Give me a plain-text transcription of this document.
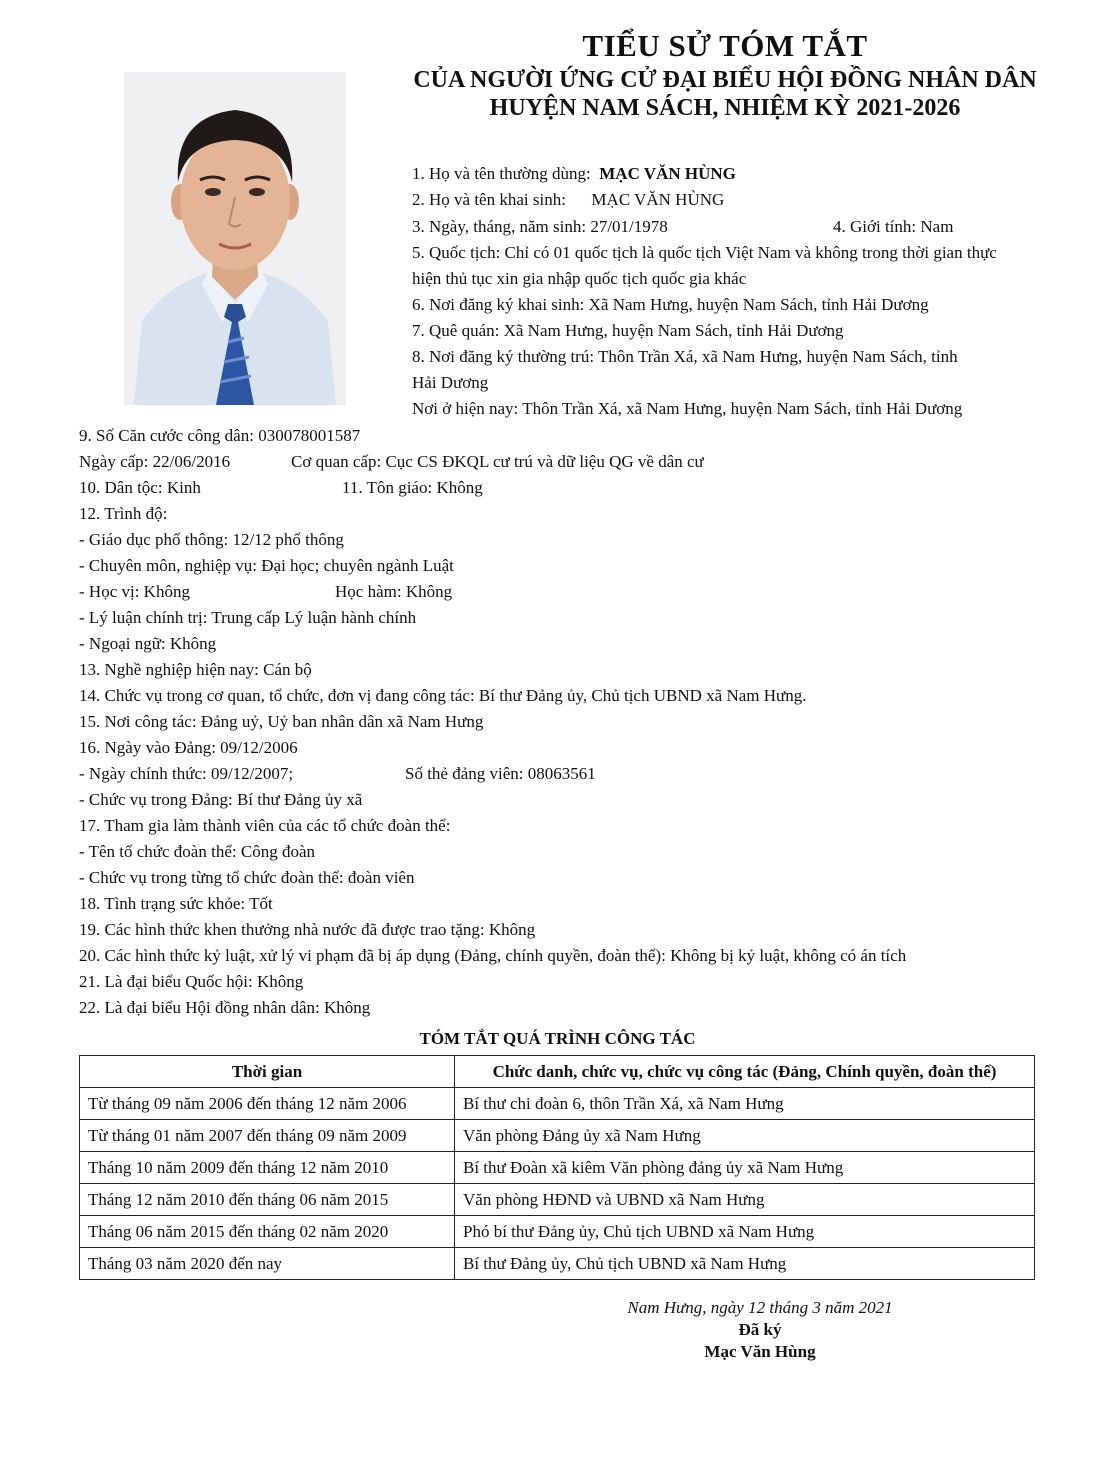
TIỂU SỬ TÓM TẮT
CỦA NGƯỜI ỨNG CỬ ĐẠI BIỂU HỘI ĐỒNG NHÂN DÂN
HUYỆN NAM SÁCH, NHIỆM KỲ 2021-2026
1. Họ và tên thường dùng: MẠC VĂN HÙNG
2. Họ và tên khai sinh:      MẠC VĂN HÙNG
3. Ngày, tháng, năm sinh: 27/01/1978	4. Giới tính: Nam
5. Quốc tịch: Chỉ có 01 quốc tịch là quốc tịch Việt Nam và không trong thời gian thực
hiện thủ tục xin gia nhập quốc tịch quốc gia khác
6. Nơi đăng ký khai sinh: Xã Nam Hưng, huyện Nam Sách, tỉnh Hải Dương
7. Quê quán: Xã Nam Hưng, huyện Nam Sách, tỉnh Hải Dương
8. Nơi đăng ký thường trú: Thôn Trần Xá, xã Nam Hưng, huyện Nam Sách, tỉnh
Hải Dương
Nơi ở hiện nay: Thôn Trần Xá, xã Nam Hưng, huyện Nam Sách, tỉnh Hải Dương
9. Số Căn cước công dân: 030078001587
Ngày cấp: 22/06/2016	Cơ quan cấp: Cục CS ĐKQL cư trú và dữ liệu QG về dân cư
10. Dân tộc: Kinh	11. Tôn giáo: Không
12. Trình độ:
- Giáo dục phổ thông: 12/12 phổ thông
- Chuyên môn, nghiệp vụ: Đại học; chuyên ngành Luật
- Học vị: Không	Học hàm: Không
- Lý luận chính trị: Trung cấp Lý luận hành chính
- Ngoại ngữ: Không
13. Nghề nghiệp hiện nay: Cán bộ
14. Chức vụ trong cơ quan, tổ chức, đơn vị đang công tác: Bí thư Đảng ủy, Chủ tịch UBND xã Nam Hưng.
15. Nơi công tác: Đảng uỷ, Uỷ ban nhân dân xã Nam Hưng
16. Ngày vào Đảng: 09/12/2006
- Ngày chính thức: 09/12/2007;	Số thẻ đảng viên: 08063561
- Chức vụ trong Đảng: Bí thư Đảng ủy xã
17. Tham gia làm thành viên của các tổ chức đoàn thể:
- Tên tổ chức đoàn thể: Công đoàn
- Chức vụ trong từng tổ chức đoàn thể: đoàn viên
18. Tình trạng sức khỏe: Tốt
19. Các hình thức khen thưởng nhà nước đã được trao tặng: Không
20. Các hình thức kỷ luật, xử lý vi phạm đã bị áp dụng (Đảng, chính quyền, đoàn thể): Không bị kỷ luật, không có án tích
21. Là đại biểu Quốc hội: Không
22. Là đại biểu Hội đồng nhân dân: Không
TÓM TẮT QUÁ TRÌNH CÔNG TÁC
Thời gian	Chức danh, chức vụ, chức vụ công tác (Đảng, Chính quyền, đoàn thể)
Từ tháng 09 năm 2006 đến tháng 12 năm 2006	Bí thư chi đoàn 6, thôn Trần Xá, xã Nam Hưng
Từ tháng 01 năm 2007 đến tháng 09 năm 2009	Văn phòng Đảng ủy xã Nam Hưng
Tháng 10 năm 2009 đến tháng 12 năm 2010	Bí thư Đoàn xã kiêm Văn phòng đảng ủy xã Nam Hưng
Tháng 12 năm 2010 đến tháng 06 năm 2015	Văn phòng HĐND và UBND xã Nam Hưng
Tháng 06 năm 2015 đến tháng 02 năm 2020	Phó bí thư Đảng ủy, Chủ tịch UBND xã Nam Hưng
Tháng 03 năm 2020 đến nay	Bí thư Đảng ủy, Chủ tịch UBND xã Nam Hưng
Nam Hưng, ngày 12 tháng 3 năm 2021
Đã ký
Mạc Văn Hùng
